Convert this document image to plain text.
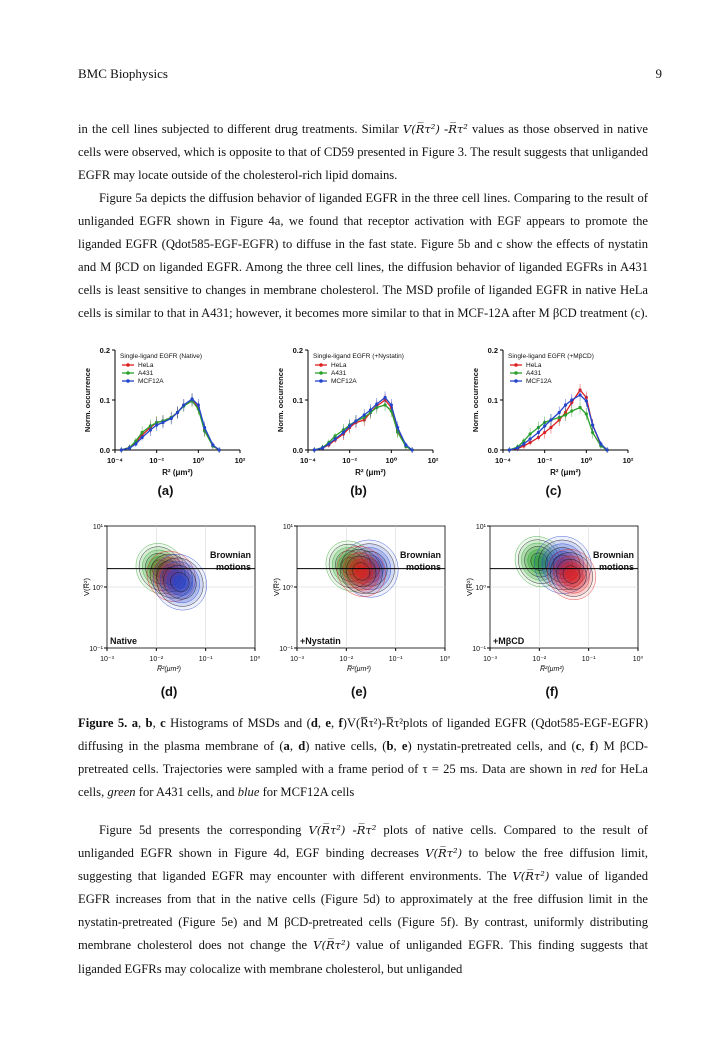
BMC Biophysics	9

in the cell lines subjected to different drug treatments. Similar V(R̅τ²) -R̅τ² values as those observed in native cells were observed, which is opposite to that of CD59 presented in Figure 3. The result suggests that unliganded EGFR may locate outside of the cholesterol-rich lipid domains.

Figure 5a depicts the diffusion behavior of liganded EGFR in the three cell lines. Comparing to the result of unliganded EGFR shown in Figure 4a, we found that receptor activation with EGF appears to promote the liganded EGFR (Qdot585-EGF-EGFR) to diffuse in the fast state. Figure 5b and c show the effects of nystatin and M βCD on liganded EGFR. Among the three cell lines, the diffusion behavior of liganded EGFRs in A431 cells is least sensitive to changes in membrane cholesterol. The MSD profile of liganded EGFR in native HeLa cells is similar to that in A431; however, it becomes more similar to that in MCF-12A after M βCD treatment (c).

0.0
0.1
0.2
10⁻⁴	10⁻²	10⁰	10²
R² (μm²)
Norm. occurrence
Single-ligand EGFR (Native)
HeLa
A431
MCF12A
(a)
0.0
0.1
0.2
10⁻⁴	10⁻²	10⁰	10²
R² (μm²)
Norm. occurrence
Single-ligand EGFR (+Nystatin)
HeLa
A431
MCF12A
(b)
0.0
0.1
0.2
10⁻⁴	10⁻²	10⁰	10²
R² (μm²)
Norm. occurrence
Single-ligand EGFR (+MβCD)
HeLa
A431
MCF12A
(c)
10⁻³	10⁻²	10⁻¹	10⁰
10⁻¹
10⁰
10¹
R̅²(μm²)
V(R̅²)
Brownian motions
Native
(d)
10⁻³	10⁻²	10⁻¹	10⁰
10⁻¹
10⁰
10¹
R̅²(μm²)
V(R̅²)
Brownian motions
+Nystatin
(e)
10⁻³	10⁻²	10⁻¹	10⁰
10⁻¹
10⁰
10¹
R̅²(μm²)
V(R̅²)
Brownian motions
+MβCD
(f)

Figure 5. a, b, c Histograms of MSDs and (d, e, f)V(R̅τ²)-R̅τ²plots of liganded EGFR (Qdot585-EGF-EGFR) diffusing in the plasma membrane of (a, d) native cells, (b, e) nystatin-pretreated cells, and (c, f) M βCD-pretreated cells. Trajectories were sampled with a frame period of τ = 25 ms. Data are shown in red for HeLa cells, green for A431 cells, and blue for MCF12A cells

Figure 5d presents the corresponding V(R̅τ²) -R̅τ² plots of native cells. Compared to the result of unliganded EGFR shown in Figure 4d, EGF binding decreases V(R̅τ²) to below the free diffusion limit, suggesting that liganded EGFR may encounter with different environments. The V(R̅τ²) value of liganded EGFR increases from that in the native cells (Figure 5d) to approximately at the free diffusion limit in the nystatin-pretreated (Figure 5e) and M βCD-pretreated cells (Figure 5f). By contrast, uniformly distributing membrane cholesterol does not change the V(R̅τ²) value of unliganded EGFR. This finding suggests that liganded EGFRs may colocalize with membrane cholesterol, but unliganded
